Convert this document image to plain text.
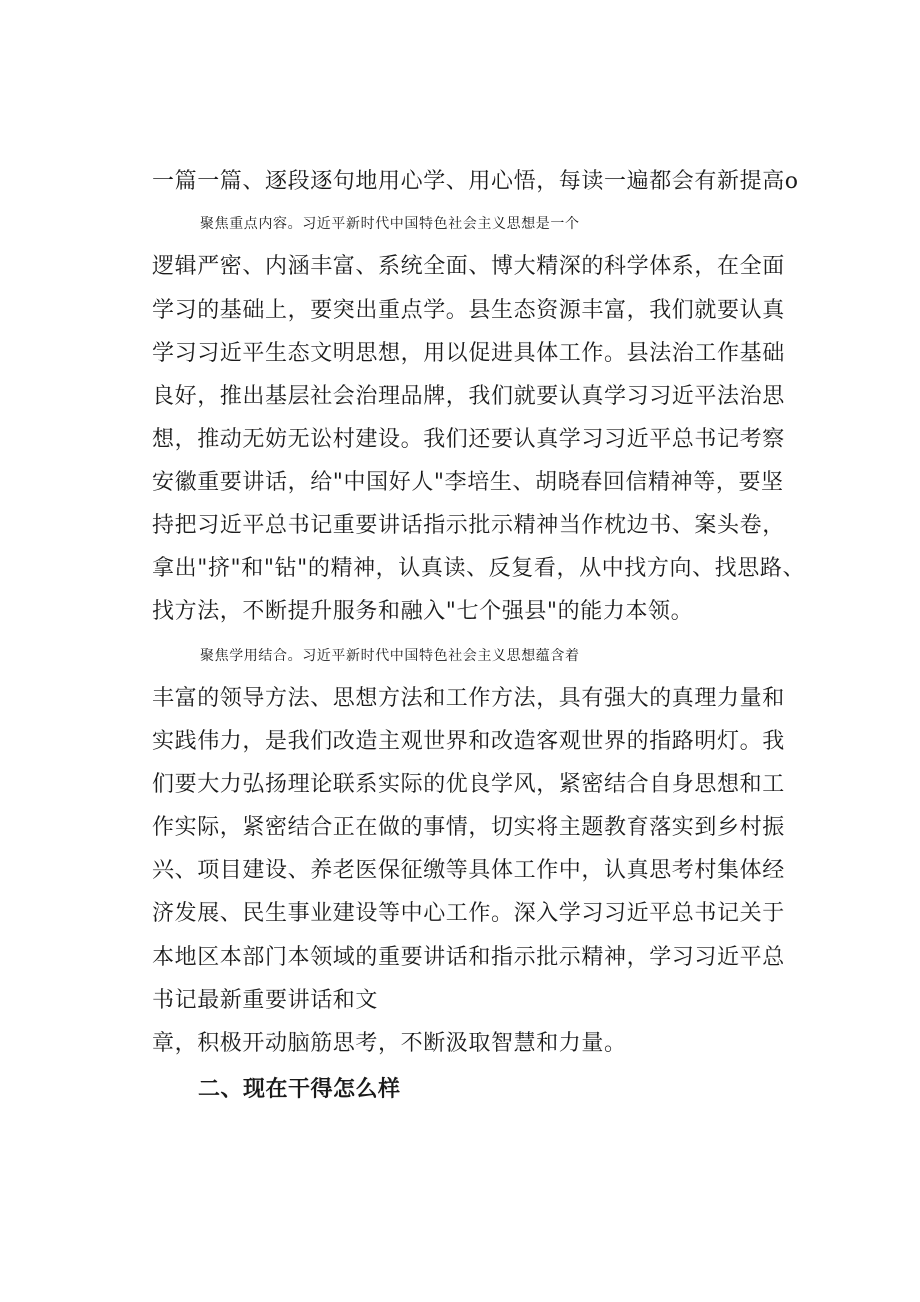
一篇一篇、逐段逐句地用心学、用心悟，每读一遍都会有新提高o
聚焦重点内容。习近平新时代中国特色社会主义思想是一个
逻辑严密、内涵丰富、系统全面、博大精深的科学体系，在全面
学习的基础上，要突出重点学。县生态资源丰富，我们就要认真
学习习近平生态文明思想，用以促进具体工作。县法治工作基础
良好，推出基层社会治理品牌，我们就要认真学习习近平法治思
想，推动无妨无讼村建设。我们还要认真学习习近平总书记考察
安徽重要讲话，给"中国好人"李培生、胡晓春回信精神等，要坚
持把习近平总书记重要讲话指示批示精神当作枕边书、案头卷，
拿出"挤"和"钻"的精神，认真读、反复看，从中找方向、找思路、
找方法，不断提升服务和融入"七个强县"的能力本领。
聚焦学用结合。习近平新时代中国特色社会主义思想蕴含着
丰富的领导方法、思想方法和工作方法，具有强大的真理力量和
实践伟力，是我们改造主观世界和改造客观世界的指路明灯。我
们要大力弘扬理论联系实际的优良学风，紧密结合自身思想和工
作实际，紧密结合正在做的事情，切实将主题教育落实到乡村振
兴、项目建设、养老医保征缴等具体工作中，认真思考村集体经
济发展、民生事业建设等中心工作。深入学习习近平总书记关于
本地区本部门本领域的重要讲话和指示批示精神，学习习近平总
书记最新重要讲话和文
章，积极开动脑筋思考，不断汲取智慧和力量。
二、现在干得怎么样
